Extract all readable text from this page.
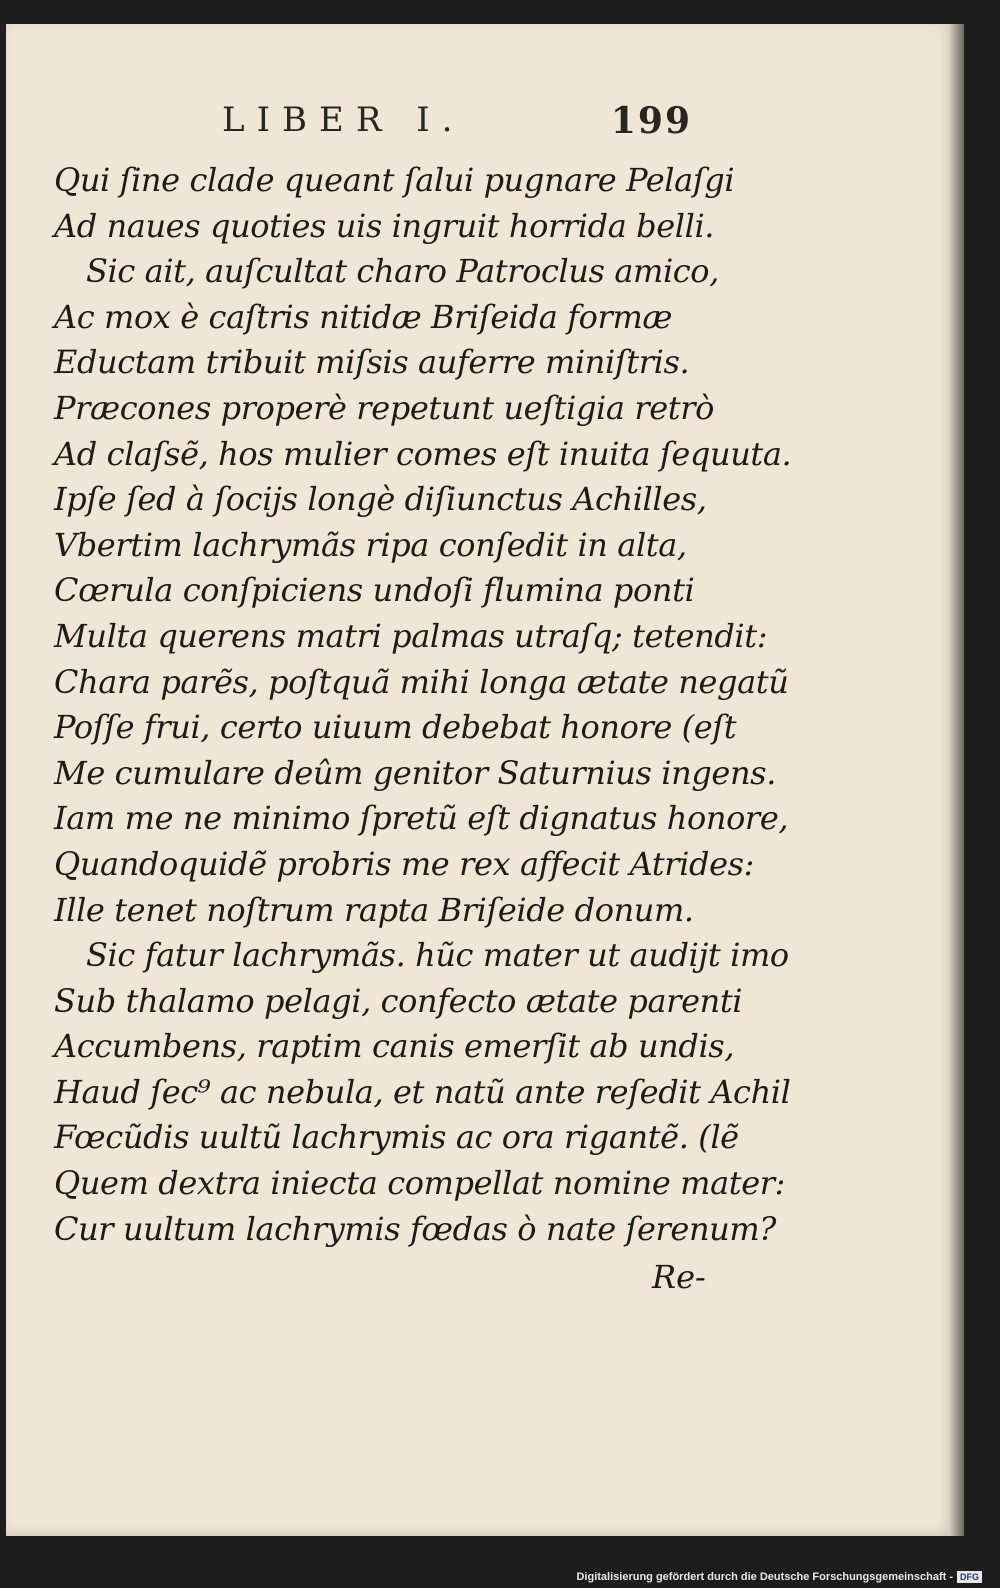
LIBER I.	199
Qui ſine clade queant ſalui pugnare Pelaſgi
Ad naues quoties uis ingruit horrida belli.
Sic ait, auſcultat charo Patroclus amico,
Ac mox è caſtris nitidæ Briſeida formæ
Eductam tribuit miſsis auferre miniſtris.
Præcones properè repetunt ueſtigia retrò
Ad claſsẽ, hos mulier comes eſt inuita ſequuta.
Ipſe ſed à ſocijs longè diſiunctus Achilles,
Vbertim lachrymãs ripa conſedit in alta,
Cœrula conſpiciens undoſi flumina ponti
Multa querens matri palmas utraſq; tetendit:
Chara parẽs, poſtquã mihi longa ætate negatũ
Poſſe frui, certo uiuum debebat honore (eſt
Me cumulare deûm genitor Saturnius ingens.
Iam me ne minimo ſpretũ eſt dignatus honore,
Quandoquidẽ probris me rex affecit Atrides:
Ille tenet noſtrum rapta Briſeide donum.
Sic fatur lachrymãs. hũc mater ut audijt imo
Sub thalamo pelagi, confecto ætate parenti
Accumbens, raptim canis emerſit ab undis,
Haud ſec⁹ ac nebula, et natũ ante reſedit Achil
Fœcũdis uultũ lachrymis ac ora rigantẽ. (lẽ
Quem dextra iniecta compellat nomine mater:
Cur uultum lachrymis fœdas ò nate ſerenum?
Re-
Digitalisierung gefördert durch die Deutsche Forschungsgemeinschaft - DFG
